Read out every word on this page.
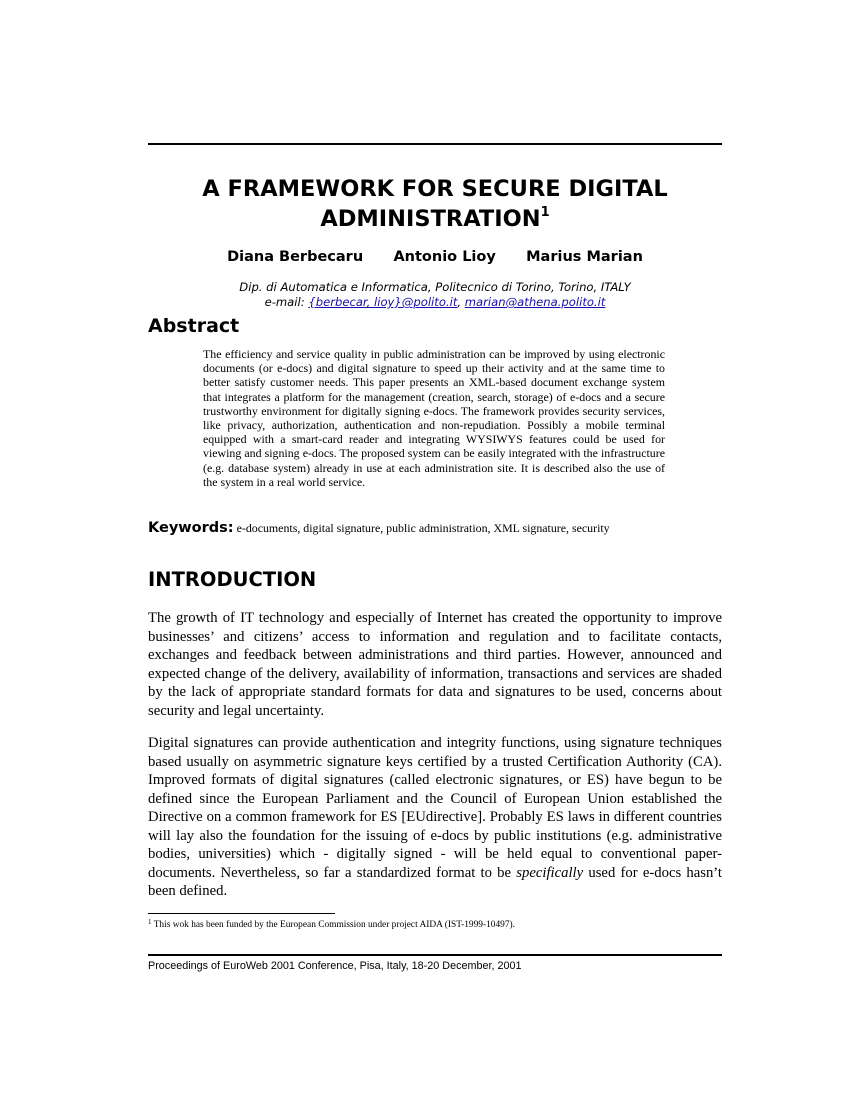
A FRAMEWORK FOR SECURE DIGITAL ADMINISTRATION$^1$
Diana Berbecaru Antonio Lioy Marius Marian
Dip. di Automatica e Informatica, Politecnico di Torino, Torino, ITALY
e-mail: {berbecar, lioy}@polito.it, marian@athena.polito.it
Abstract

The efficiency and service quality in public administration can be improved by using electronic documents (or e-docs) and digital signature to speed up their activity and at the same time to better satisfy customer needs. This paper presents an XML-based document exchange system that integrates a platform for the management (creation, search, storage) of e-docs and a secure trustworthy environment for digitally signing e-docs. The framework provides security services, like privacy, authorization, authentication and non-repudiation. Possibly a mobile terminal equipped with a smart-card reader and integrating WYSIWYS features could be used for viewing and signing e-docs. The proposed system can be easily integrated with the infrastructure (e.g. database system) already in use at each administration site. It is described also the use of the system in a real world service.

Keywords: e-documents, digital signature, public administration, XML signature, security

INTRODUCTION

The growth of IT technology and especially of Internet has created the opportunity to improve businesses’ and citizens’ access to information and regulation and to facilitate contacts, exchanges and feedback between administrations and third parties. However, announced and expected change of the delivery, availability of information, transactions and services are shaded by the lack of appropriate standard formats for data and signatures to be used, concerns about security and legal uncertainty.

Digital signatures can provide authentication and integrity functions, using signature techniques based usually on asymmetric signature keys certified by a trusted Certification Authority (CA). Improved formats of digital signatures (called electronic signatures, or ES) have begun to be defined since the European Parliament and the Council of European Union established the Directive on a common framework for ES [EUdirective]. Probably ES laws in different countries will lay also the foundation for the issuing of e-docs by public institutions (e.g. administrative bodies, universities) which - digitally signed - will be held equal to conventional paper-documents. Nevertheless, so far a standardized format to be specifically used for e-docs hasn’t been defined.

$^1$ This wok has been funded by the European Commission under project AIDA (IST-1999-10497).

Proceedings of EuroWeb 2001 Conference, Pisa, Italy, 18-20 December, 2001
